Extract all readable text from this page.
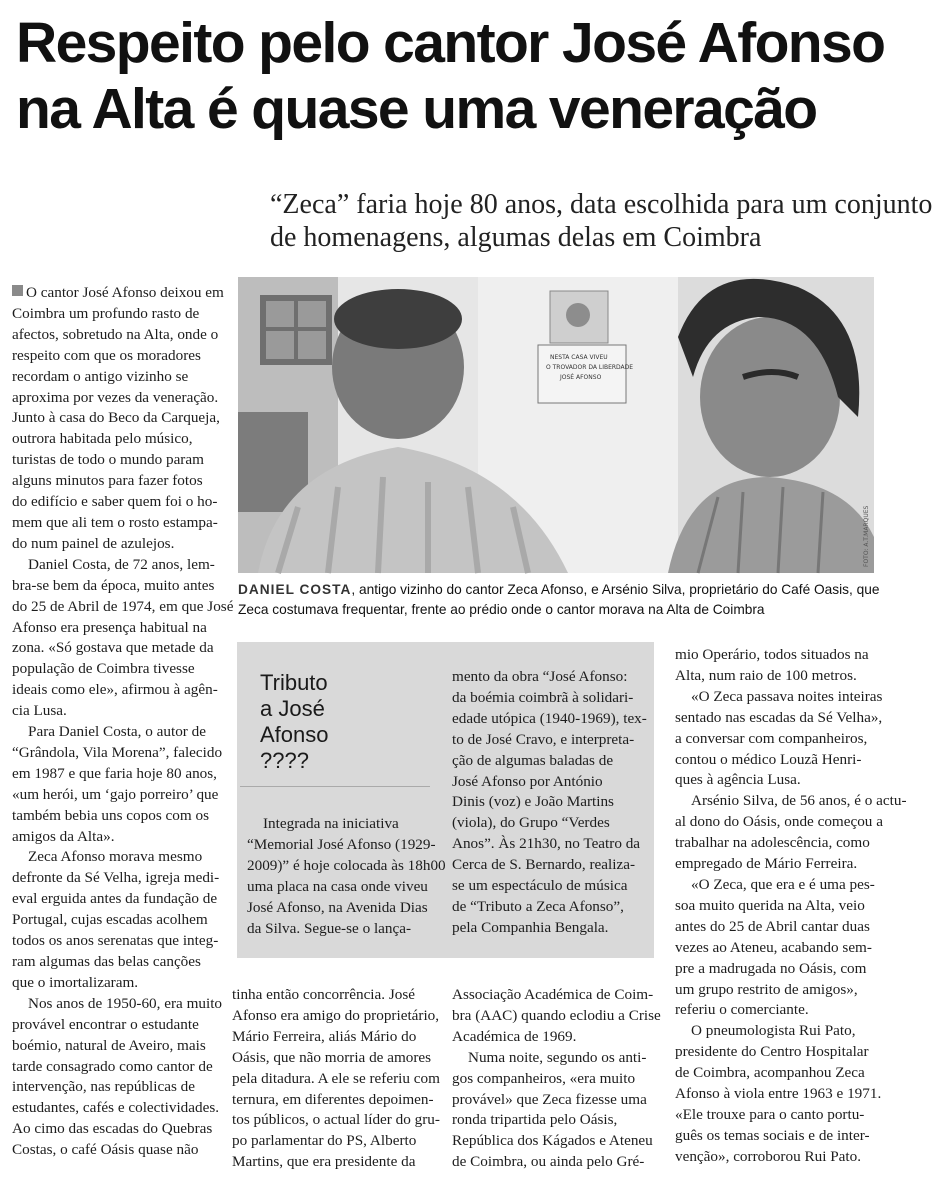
Respeito pelo cantor José Afonso
na Alta é quase uma veneração
“Zeca” faria hoje 80 anos, data escolhida para um conjunto
de homenagens, algumas delas em Coimbra
O cantor José Afonso deixou em
Coimbra um profundo rasto de
afectos, sobretudo na Alta, onde o
respeito com que os moradores
recordam o antigo vizinho se
aproxima por vezes da veneração.
Junto à casa do Beco da Carqueja,
outrora habitada pelo músico,
turistas de todo o mundo param
alguns minutos para fazer fotos
do edifício e saber quem foi o ho-
mem que ali tem o rosto estampa-
do num painel de azulejos.
Daniel Costa, de 72 anos, lem-
bra-se bem da época, muito antes
do 25 de Abril de 1974, em que José
Afonso era presença habitual na
zona. «Só gostava que metade da
população de Coimbra tivesse
ideais como ele», afirmou à agên-
cia Lusa.
Para Daniel Costa, o autor de
“Grândola, Vila Morena”, falecido
em 1987 e que faria hoje 80 anos,
«um herói, um ‘gajo porreiro’ que
também bebia uns copos com os
amigos da Alta».
Zeca Afonso morava mesmo
defronte da Sé Velha, igreja medi-
eval erguida antes da fundação de
Portugal, cujas escadas acolhem
todos os anos serenatas que integ-
ram algumas das belas canções
que o imortalizaram.
Nos anos de 1950-60, era muito
provável encontrar o estudante
boémio, natural de Aveiro, mais
tarde consagrado como cantor de
intervenção, nas repúblicas de
estudantes, cafés e colectividades.
Ao cimo das escadas do Quebras
Costas, o café Oásis quase não
NESTA CASA VIVEU
O TROVADOR DA LIBERDADE
JOSÉ AFONSO
FOTO: A.T.MARQUES
DANIEL COSTA, antigo vizinho do cantor Zeca Afonso, e Arsénio Silva, proprietário do Café Oasis, que
Zeca costumava frequentar, frente ao prédio onde o cantor morava na Alta de Coimbra
Tributo
a José
Afonso
????
Integrada na iniciativa
“Memorial José Afonso (1929-
2009)” é hoje colocada às 18h00
uma placa na casa onde viveu
José Afonso, na Avenida Dias
da Silva. Segue-se o lança-
mento da obra “José Afonso:
da boémia coimbrã à solidari-
edade utópica (1940-1969), tex-
to de José Cravo, e interpreta-
ção de algumas baladas de
José Afonso por António
Dinis (voz) e João Martins
(viola), do Grupo “Verdes
Anos”. Às 21h30, no Teatro da
Cerca de S. Bernardo, realiza-
se um espectáculo de música
de “Tributo a Zeca Afonso”,
pela Companhia Bengala.
tinha então concorrência. José
Afonso era amigo do proprietário,
Mário Ferreira, aliás Mário do
Oásis, que não morria de amores
pela ditadura. A ele se referiu com
ternura, em diferentes depoimen-
tos públicos, o actual líder do gru-
po parlamentar do PS, Alberto
Martins, que era presidente da
Associação Académica de Coim-
bra (AAC) quando eclodiu a Crise
Académica de 1969.
Numa noite, segundo os anti-
gos companheiros, «era muito
provável» que Zeca fizesse uma
ronda tripartida pelo Oásis,
República dos Kágados e Ateneu
de Coimbra, ou ainda pelo Gré-
mio Operário, todos situados na
Alta, num raio de 100 metros.
«O Zeca passava noites inteiras
sentado nas escadas da Sé Velha»,
a conversar com companheiros,
contou o médico Louzã Henri-
ques à agência Lusa.
Arsénio Silva, de 56 anos, é o actu-
al dono do Oásis, onde começou a
trabalhar na adolescência, como
empregado de Mário Ferreira.
«O Zeca, que era e é uma pes-
soa muito querida na Alta, veio
antes do 25 de Abril cantar duas
vezes ao Ateneu, acabando sem-
pre a madrugada no Oásis, com
um grupo restrito de amigos»,
referiu o comerciante.
O pneumologista Rui Pato,
presidente do Centro Hospitalar
de Coimbra, acompanhou Zeca
Afonso à viola entre 1963 e 1971.
«Ele trouxe para o canto portu-
guês os temas sociais e de inter-
venção», corroborou Rui Pato.
